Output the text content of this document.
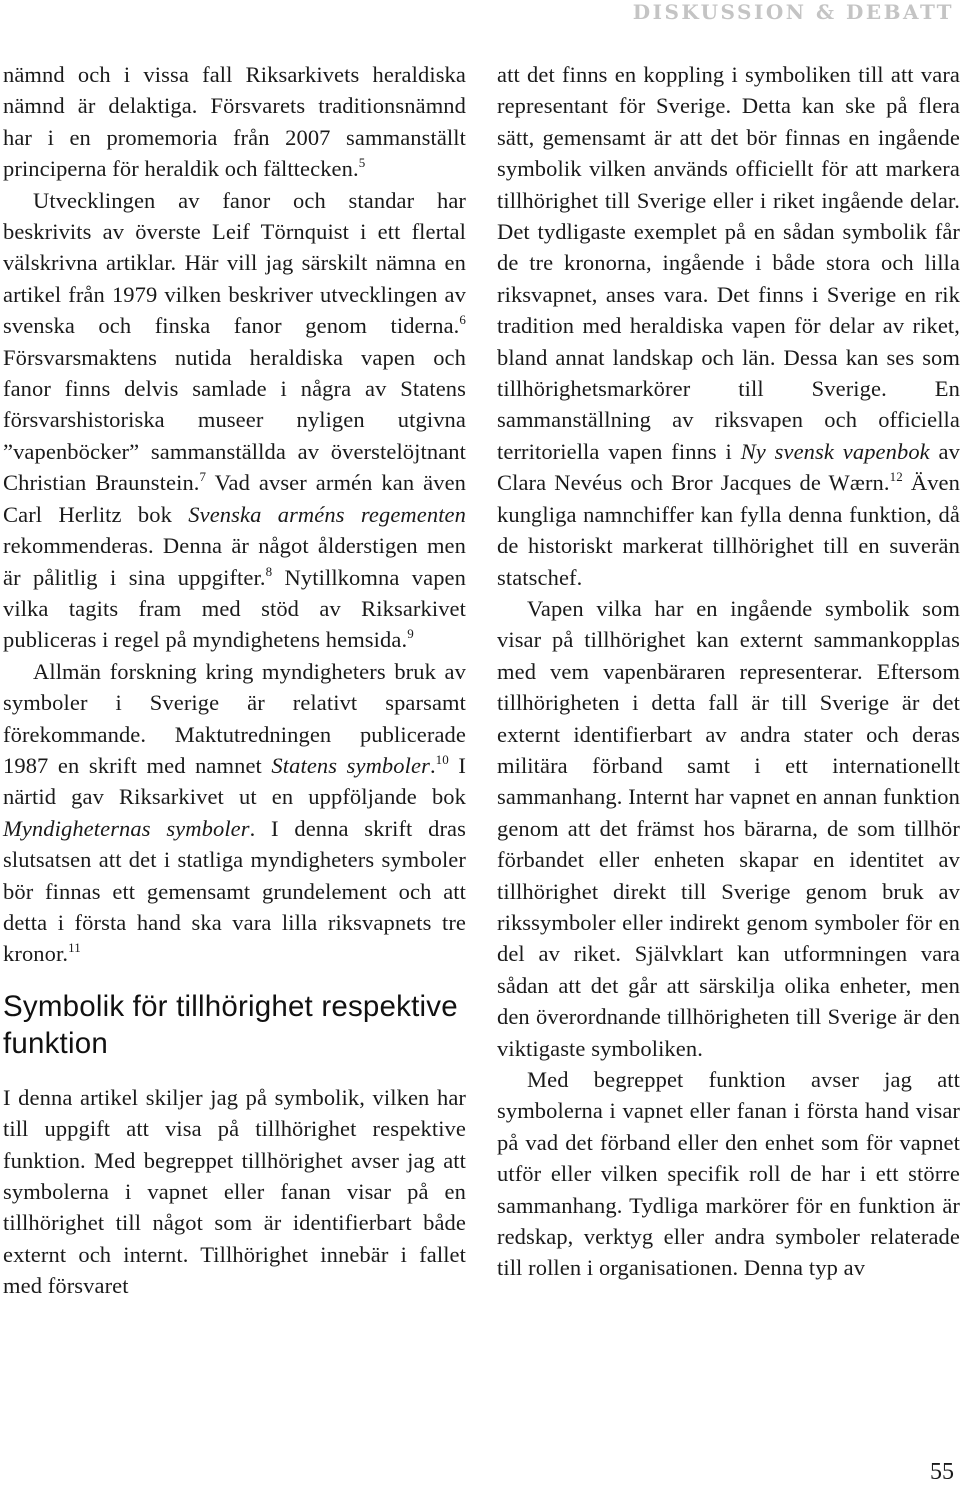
DISKUSSION & DEBATT

nämnd och i vissa fall Riksarkivets heraldiska nämnd är delaktiga. Försvarets traditionsnämnd har i en promemoria från 2007 sammanställt principerna för heraldik och fälttecken.$^5$

Utvecklingen av fanor och standar har beskrivits av överste Leif Törnquist i ett flertal välskrivna artiklar. Här vill jag särskilt nämna en artikel från 1979 vilken beskriver utvecklingen av svenska och finska fanor genom tiderna.$^6$ Försvarsmaktens nutida heraldiska vapen och fanor finns delvis samlade i några av Statens försvarshistoriska museer nyligen utgivna ”vapenböcker” sammanställda av överstelöjtnant Christian Braunstein.$^7$ Vad avser armén kan även Carl Herlitz bok Svenska arméns regementen rekommenderas. Denna är något ålderstigen men är pålitlig i sina uppgifter.$^8$ Nytillkomna vapen vilka tagits fram med stöd av Riksarkivet publiceras i regel på myndighetens hemsida.$^9$

Allmän forskning kring myndigheters bruk av symboler i Sverige är relativt sparsamt förekommande. Maktutredningen publicerade 1987 en skrift med namnet Statens symboler.$^{10}$ I närtid gav Riksarkivet ut en uppföljande bok Myndigheternas symboler. I denna skrift dras slutsatsen att det i statliga myndigheters symboler bör finnas ett gemensamt grundelement och att detta i första hand ska vara lilla riksvapnets tre kronor.$^{11}$

Symbolik för tillhörighet respektive funktion

I denna artikel skiljer jag på symbolik, vilken har till uppgift att visa på tillhörighet respektive funktion. Med begreppet tillhörighet avser jag att symbolerna i vapnet eller fanan visar på en tillhörighet till något som är identifierbart både externt och internt. Tillhörighet innebär i fallet med försvaret

att det finns en koppling i symboliken till att vara representant för Sverige. Detta kan ske på flera sätt, gemensamt är att det bör finnas en ingående symbolik vilken används officiellt för att markera tillhörighet till Sverige eller i riket ingående delar. Det tydligaste exemplet på en sådan symbolik får de tre kronorna, ingående i både stora och lilla riksvapnet, anses vara. Det finns i Sverige en rik tradition med heraldiska vapen för delar av riket, bland annat landskap och län. Dessa kan ses som tillhörighetsmarkörer till Sverige. En sammanställning av riksvapen och officiella territoriella vapen finns i Ny svensk vapenbok av Clara Nevéus och Bror Jacques de Wærn.$^{12}$ Även kungliga namnchiffer kan fylla denna funktion, då de historiskt markerat tillhörighet till en suverän statschef.

Vapen vilka har en ingående symbolik som visar på tillhörighet kan externt sammankopplas med vem vapenbäraren representerar. Eftersom tillhörigheten i detta fall är till Sverige är det externt identifierbart av andra stater och deras militära förband samt i ett internationellt sammanhang. Internt har vapnet en annan funktion genom att det främst hos bärarna, de som tillhör förbandet eller enheten skapar en identitet av tillhörighet direkt till Sverige genom bruk av rikssymboler eller indirekt genom symboler för en del av riket. Självklart kan utformningen vara sådan att det går att särskilja olika enheter, men den överordnande tillhörigheten till Sverige är den viktigaste symboliken.

Med begreppet funktion avser jag att symbolerna i vapnet eller fanan i första hand visar på vad det förband eller den enhet som för vapnet utför eller vilken specifik roll de har i ett större sammanhang. Tydliga markörer för en funktion är redskap, verktyg eller andra symboler relaterade till rollen i organisationen. Denna typ av

55
